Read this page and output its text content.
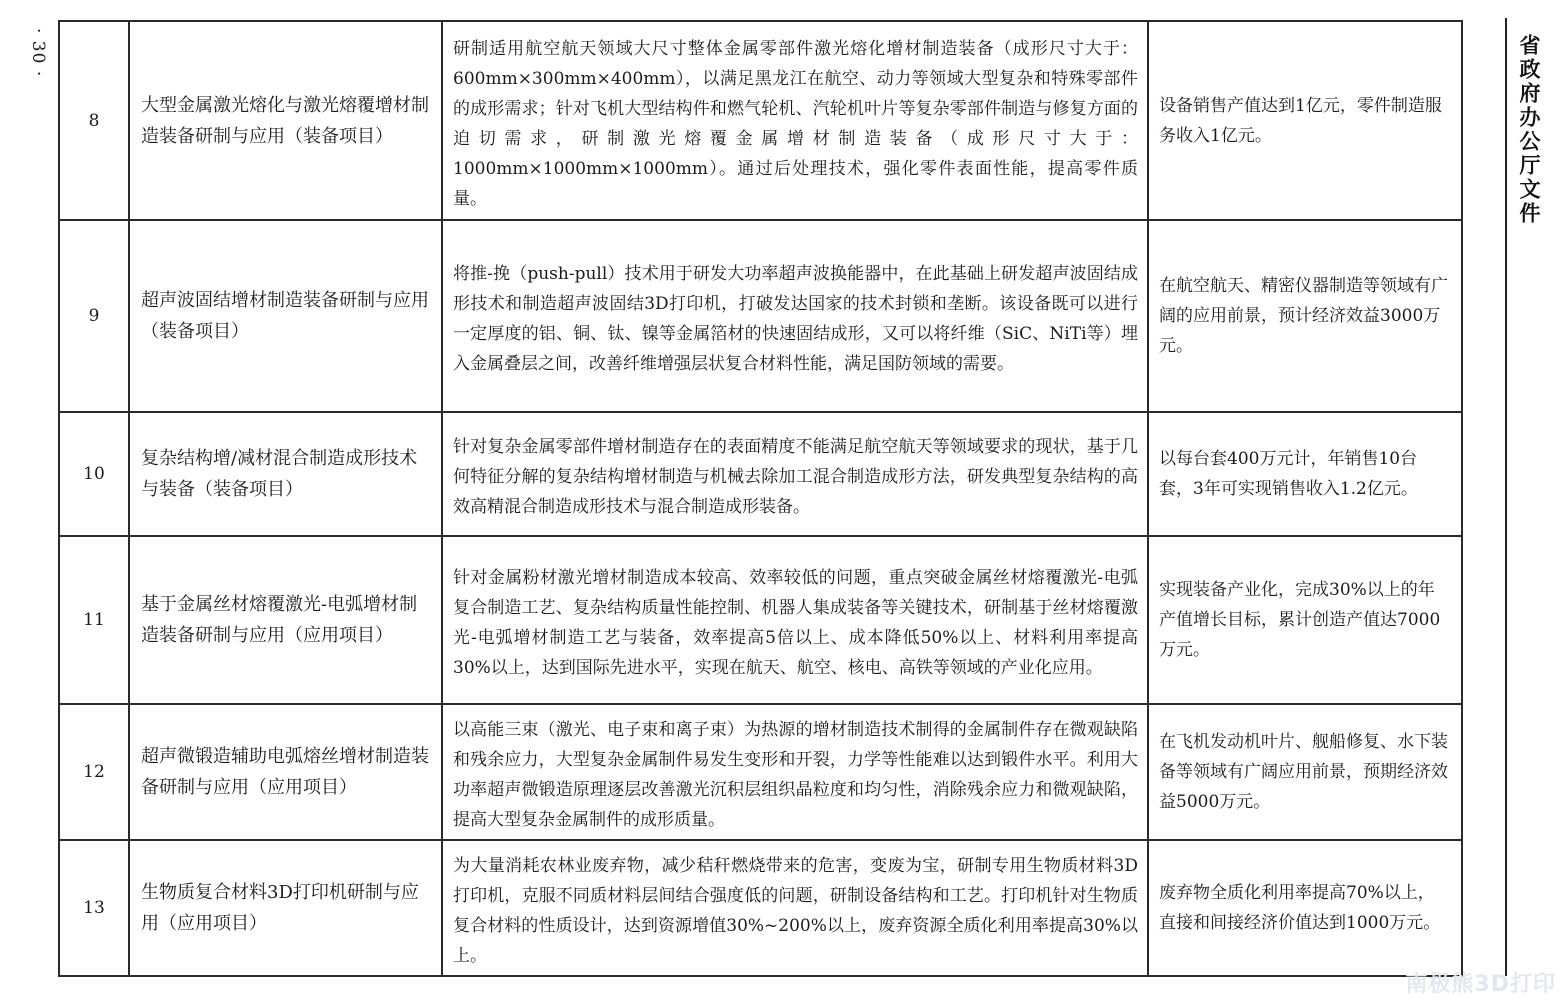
· 30 ·	省政府办公厅文件
8	大型金属激光熔化与激光熔覆增材制造装备研制与应用（装备项目）	研制适用航空航天领域大尺寸整体金属零部件激光熔化增材制造装备（成形尺寸大于：600mm×300mm×400mm），以满足黑龙江在航空、动力等领域大型复杂和特殊零部件的成形需求；针对飞机大型结构件和燃气轮机、汽轮机叶片等复杂零部件制造与修复方面的迫切需求，研制激光熔覆金属增材制造装备（成形尺寸大于：1000mm×1000mm×1000mm）。通过后处理技术，强化零件表面性能，提高零件质量。	设备销售产值达到1亿元，零件制造服务收入1亿元。

9	超声波固结增材制造装备研制与应用（装备项目）	将推-挽（push-pull）技术用于研发大功率超声波换能器中，在此基础上研发超声波固结成形技术和制造超声波固结3D打印机，打破发达国家的技术封锁和垄断。该设备既可以进行一定厚度的铝、铜、钛、镍等金属箔材的快速固结成形，又可以将纤维（SiC、NiTi等）埋入金属叠层之间，改善纤维增强层状复合材料性能，满足国防领域的需要。	在航空航天、精密仪器制造等领域有广阔的应用前景，预计经济效益3000万元。

10	复杂结构增/减材混合制造成形技术与装备（装备项目）	针对复杂金属零部件增材制造存在的表面精度不能满足航空航天等领域要求的现状，基于几何特征分解的复杂结构增材制造与机械去除加工混合制造成形方法，研发典型复杂结构的高效高精混合制造成形技术与混合制造成形装备。	以每台套400万元计，年销售10台套，3年可实现销售收入1.2亿元。

11	基于金属丝材熔覆激光-电弧增材制造装备研制与应用（应用项目）	针对金属粉材激光增材制造成本较高、效率较低的问题，重点突破金属丝材熔覆激光-电弧复合制造工艺、复杂结构质量性能控制、机器人集成装备等关键技术，研制基于丝材熔覆激光-电弧增材制造工艺与装备，效率提高5倍以上、成本降低50%以上、材料利用率提高30%以上，达到国际先进水平，实现在航天、航空、核电、高铁等领域的产业化应用。	实现装备产业化，完成30%以上的年产值增长目标，累计创造产值达7000万元。

12	超声微锻造辅助电弧熔丝增材制造装备研制与应用（应用项目）	以高能三束（激光、电子束和离子束）为热源的增材制造技术制得的金属制件存在微观缺陷和残余应力，大型复杂金属制件易发生变形和开裂，力学等性能难以达到锻件水平。利用大功率超声微锻造原理逐层改善激光沉积层组织晶粒度和均匀性，消除残余应力和微观缺陷，提高大型复杂金属制件的成形质量。	在飞机发动机叶片、舰船修复、水下装备等领域有广阔应用前景，预期经济效益5000万元。

13	生物质复合材料3D打印机研制与应用（应用项目）	为大量消耗农林业废弃物，减少秸秆燃烧带来的危害，变废为宝，研制专用生物质材料3D打印机，克服不同质材料层间结合强度低的问题，研制设备结构和工艺。打印机针对生物质复合材料的性质设计，达到资源增值30%~200%以上，废弃资源全质化利用率提高30%以上。	废弃物全质化利用率提高70%以上，直接和间接经济价值达到1000万元。
南极熊3D打印
